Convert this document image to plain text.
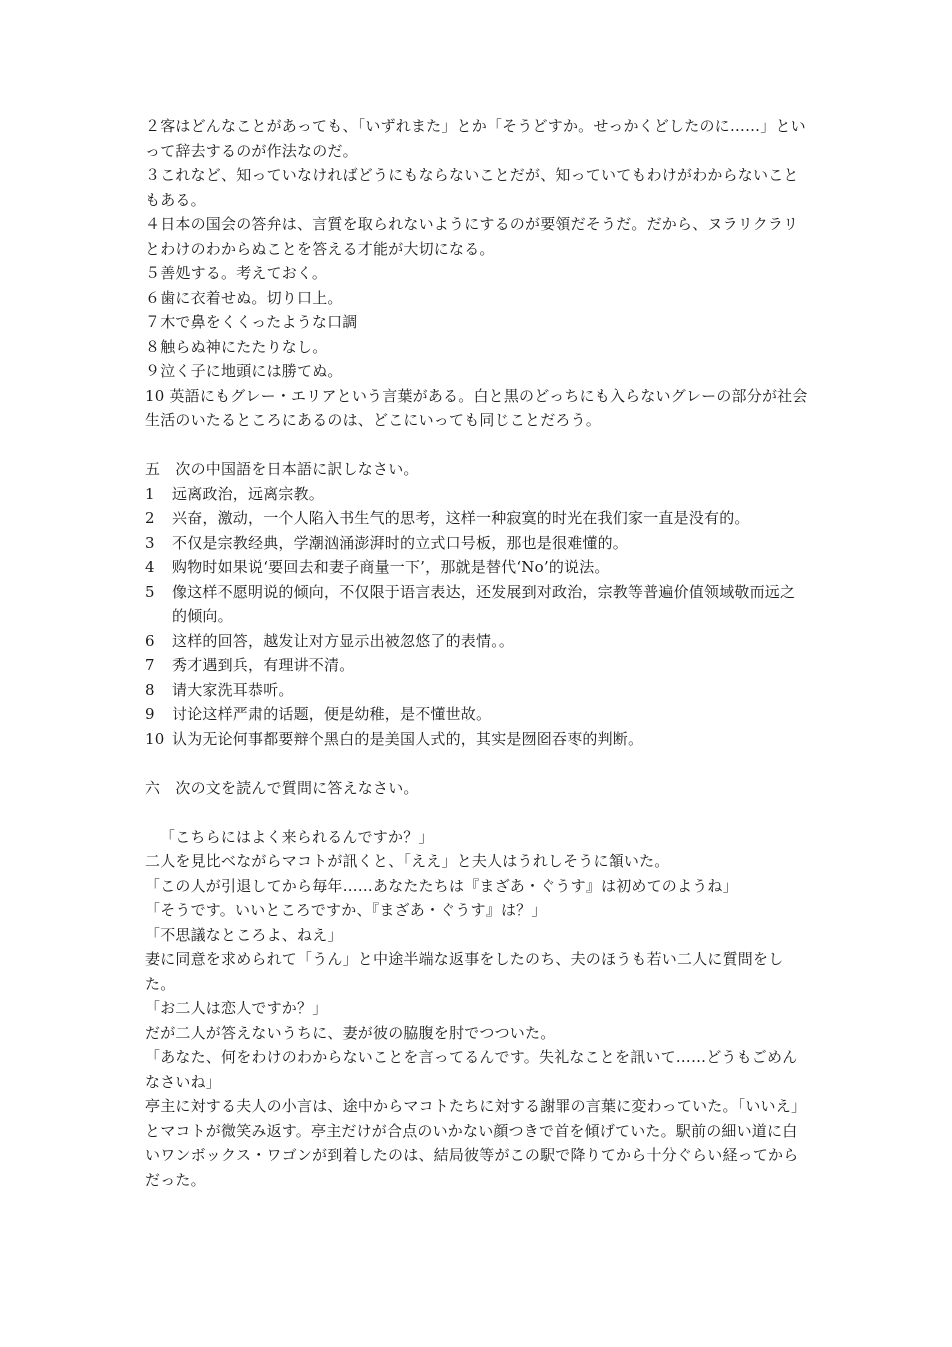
２客はどんなことがあっても、「いずれまた」とか「そうどすか。せっかくどしたのに……」といって辞去するのが作法なのだ。

３これなど、知っていなければどうにもならないことだが、知っていてもわけがわからないこともある。

４日本の国会の答弁は、言質を取られないようにするのが要領だそうだ。だから、ヌラリクラリとわけのわからぬことを答える才能が大切になる。

５善処する。考えておく。

６歯に衣着せぬ。切り口上。

７木で鼻をくくったような口調

８触らぬ神にたたりなし。

９泣く子に地頭には勝てぬ。

10 英語にもグレー・エリアという言葉がある。白と黒のどっちにも入らないグレーの部分が社会生活のいたるところにあるのは、どこにいっても同じことだろう。

五　次の中国語を日本語に訳しなさい。

1	远离政治，远离宗教。
2	兴奋，激动，一个人陷入书生气的思考，这样一种寂寞的时光在我们家一直是没有的。
3	不仅是宗教经典，学潮汹涌澎湃时的立式口号板，那也是很难懂的。
4	购物时如果说‘要回去和妻子商量一下’，那就是替代‘No’的说法。
5	像这样不愿明说的倾向，不仅限于语言表达，还发展到对政治，宗教等普遍价值领域敬而远之的倾向。
6	这样的回答，越发让对方显示出被忽悠了的表情。。
7	秀才遇到兵，有理讲不清。
8	请大家洗耳恭听。
9	讨论这样严肃的话题，便是幼稚，是不懂世故。
10 认为无论何事都要辩个黑白的是美国人式的，其实是囫囵吞枣的判断。

六　次の文を読んで質問に答えなさい。

「こちらにはよく来られるんですか？」

二人を見比べながらマコトが訊くと、「ええ」と夫人はうれしそうに頷いた。

「この人が引退してから毎年……あなたたちは『まざあ・ぐうす』は初めてのようね」

「そうです。いいところですか、『まざあ・ぐうす』は？」

「不思議なところよ、ねえ」

妻に同意を求められて「うん」と中途半端な返事をしたのち、夫のほうも若い二人に質問をした。

「お二人は恋人ですか？」

だが二人が答えないうちに、妻が彼の脇腹を肘でつついた。

「あなた、何をわけのわからないことを言ってるんです。失礼なことを訊いて……どうもごめんなさいね」

亭主に対する夫人の小言は、途中からマコトたちに対する謝罪の言葉に変わっていた。「いいえ」とマコトが微笑み返す。亭主だけが合点のいかない顔つきで首を傾げていた。駅前の細い道に白いワンボックス・ワゴンが到着したのは、結局彼等がこの駅で降りてから十分ぐらい経ってからだった。
